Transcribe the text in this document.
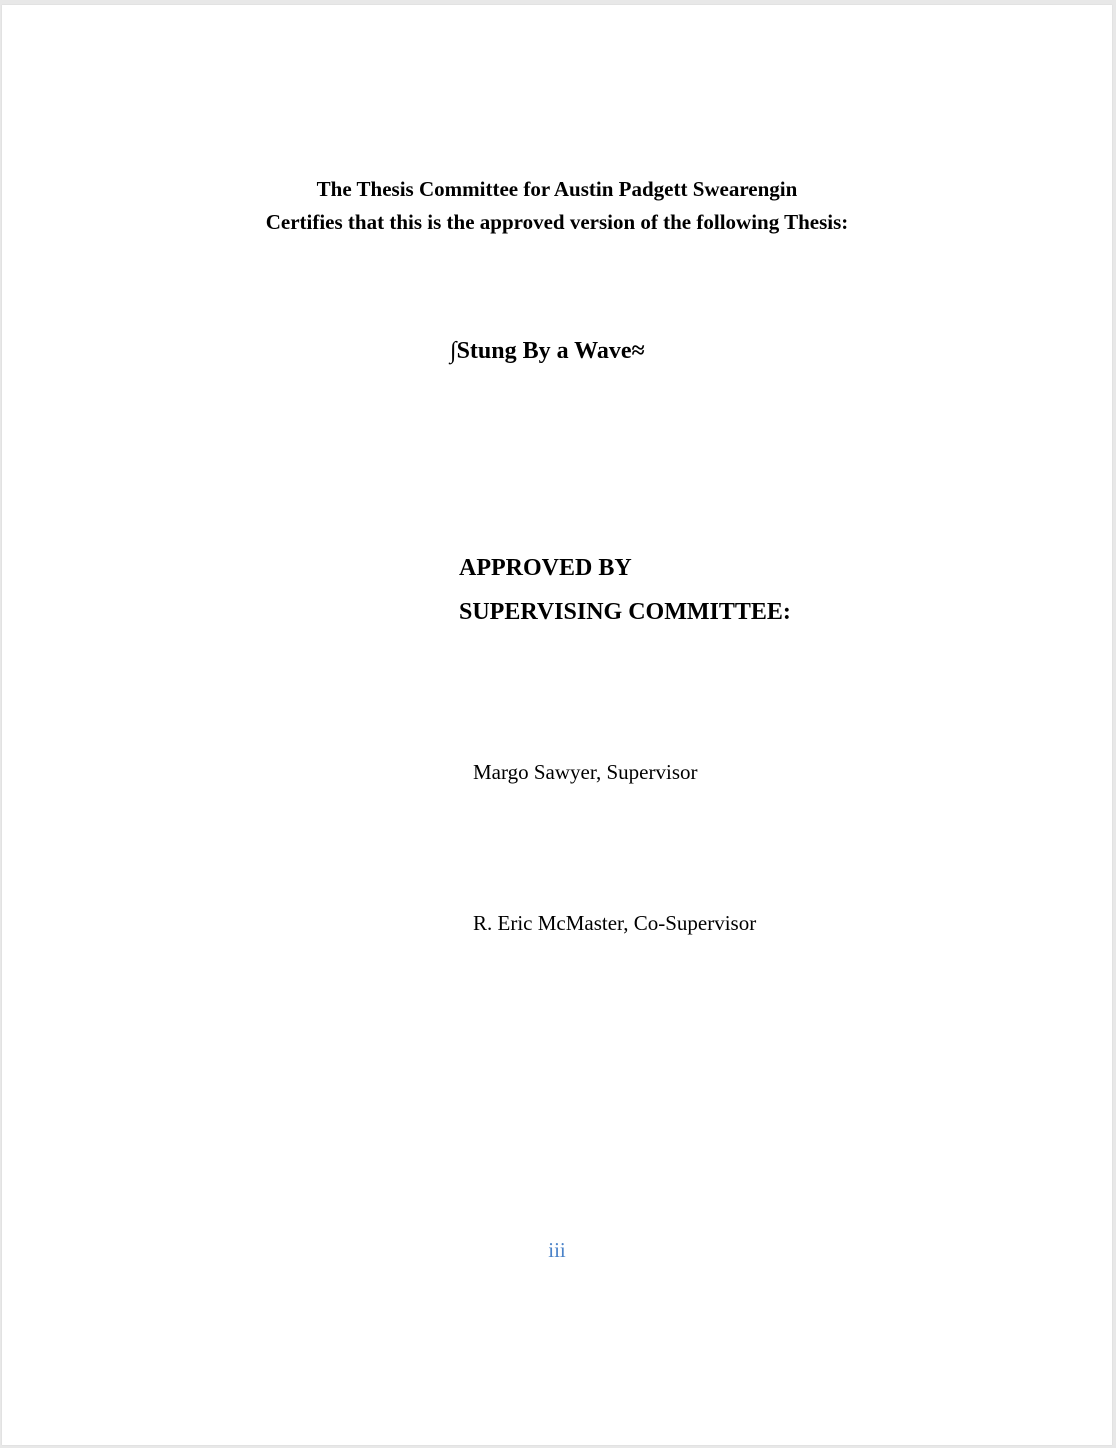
The Thesis Committee for Austin Padgett Swearengin
Certifies that this is the approved version of the following Thesis:
∫Stung By a Wave≈
APPROVED BY
SUPERVISING COMMITTEE:
Margo Sawyer, Supervisor
R. Eric McMaster, Co-Supervisor
iii
